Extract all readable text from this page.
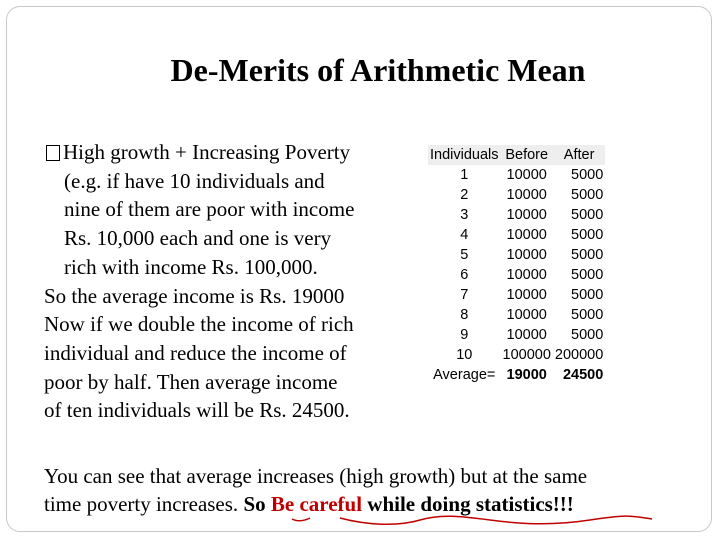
De-Merits of Arithmetic Mean
High growth + Increasing Poverty
(e.g. if have 10 individuals and
nine of them are poor with income
Rs. 10,000 each and one is very
rich with income Rs. 100,000.
So the average income is Rs. 19000
Now if we double the income of rich
individual and reduce the income of
poor by half. Then average income
of ten individuals will be Rs. 24500.
Individuals	Before	After
1	10000	5000
2	10000	5000
3	10000	5000
4	10000	5000
5	10000	5000
6	10000	5000
7	10000	5000
8	10000	5000
9	10000	5000
10	100000	200000
Average=	19000	24500
You can see that average increases (high growth) but at the same
time poverty increases. So Be careful while doing statistics!!!
